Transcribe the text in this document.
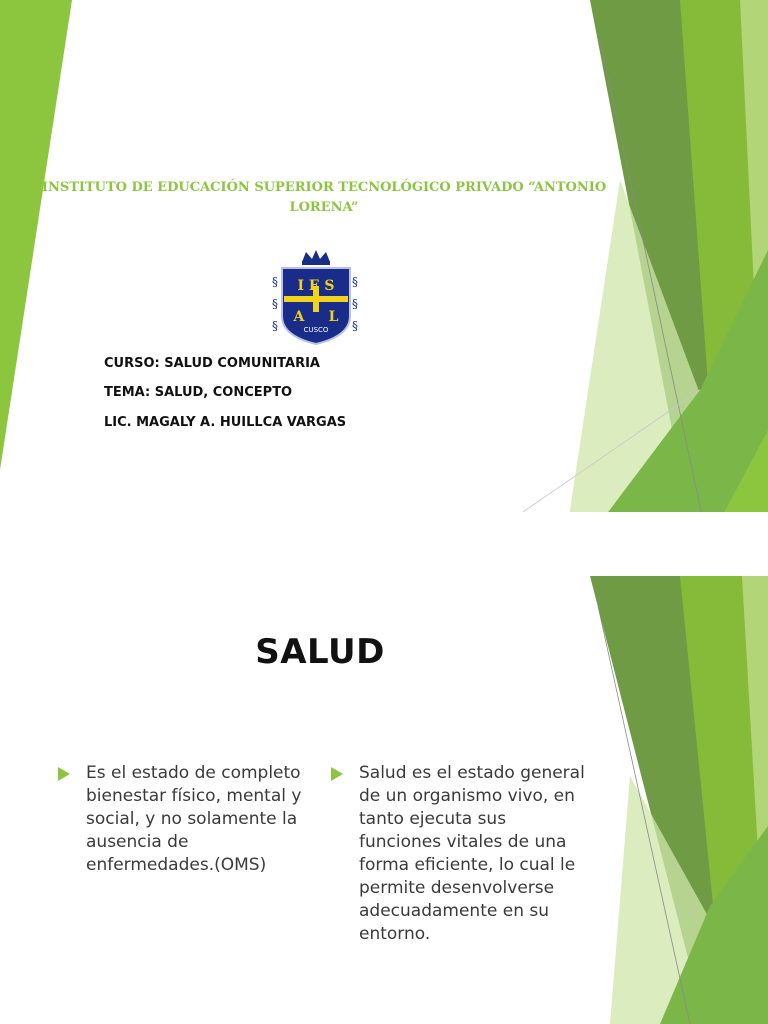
INSTITUTO DE EDUCACIÓN SUPERIOR TECNOLÓGICO PRIVADO “ANTONIO LORENA”
§
§
§
§
§
§
I E S
A     L
CUSCO
CURSO: SALUD COMUNITARIA
TEMA: SALUD, CONCEPTO
LIC. MAGALY A. HUILLCA VARGAS
SALUD
Es el estado de completo bienestar físico, mental y social, y no solamente la ausencia de enfermedades.(OMS)
Salud es el estado general de un organismo vivo, en tanto ejecuta sus funciones vitales de una forma eficiente, lo cual le permite desenvolverse adecuadamente en su entorno.
